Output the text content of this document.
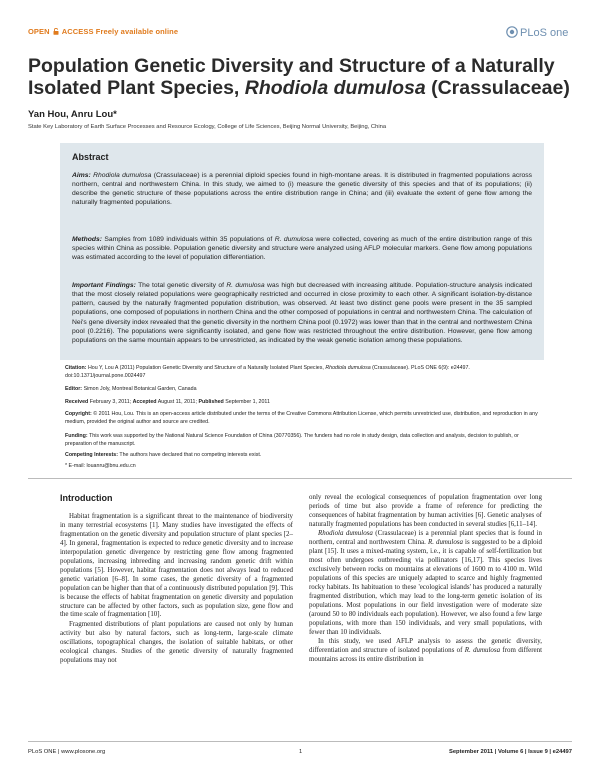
OPEN ACCESS Freely available online	PLoS one
Population Genetic Diversity and Structure of a Naturally
Isolated Plant Species, Rhodiola dumulosa (Crassulaceae)
Yan Hou, Anru Lou*
State Key Laboratory of Earth Surface Processes and Resource Ecology, College of Life Sciences, Beijing Normal University, Beijing, China
Abstract

Aims: Rhodiola dumulosa (Crassulaceae) is a perennial diploid species found in high-montane areas. It is distributed in fragmented populations across northern, central and northwestern China. In this study, we aimed to (i) measure the genetic diversity of this species and that of its populations; (ii) describe the genetic structure of these populations across the entire distribution range in China; and (iii) evaluate the extent of gene flow among the naturally fragmented populations.

Methods: Samples from 1089 individuals within 35 populations of R. dumulosa were collected, covering as much of the entire distribution range of this species within China as possible. Population genetic diversity and structure were analyzed using AFLP molecular markers. Gene flow among populations was estimated according to the level of population differentiation.

Important Findings: The total genetic diversity of R. dumulosa was high but decreased with increasing altitude. Population-structure analysis indicated that the most closely related populations were geographically restricted and occurred in close proximity to each other. A significant isolation-by-distance pattern, caused by the naturally fragmented population distribution, was observed. At least two distinct gene pools were present in the 35 sampled populations, one composed of populations in northern China and the other composed of populations in central and northwestern China. The calculation of Nei's gene diversity index revealed that the genetic diversity in the northern China pool (0.1972) was lower than that in the central and northwestern China pool (0.2216). The populations were significantly isolated, and gene flow was restricted throughout the entire distribution. However, gene flow among populations on the same mountain appears to be unrestricted, as indicated by the weak genetic isolation among these populations.

Citation: Hou Y, Lou A (2011) Population Genetic Diversity and Structure of a Naturally Isolated Plant Species, Rhodiola dumulosa (Crassulaceae). PLoS ONE 6(9): e24497. doi:10.1371/journal.pone.0024497

Editor: Simon Joly, Montreal Botanical Garden, Canada

Received February 3, 2011; Accepted August 11, 2011; Published September 1, 2011

Copyright: © 2011 Hou, Lou. This is an open-access article distributed under the terms of the Creative Commons Attribution License, which permits unrestricted use, distribution, and reproduction in any medium, provided the original author and source are credited.

Funding: This work was supported by the National Natural Science Foundation of China (30770356). The funders had no role in study design, data collection and analysis, decision to publish, or preparation of the manuscript.

Competing Interests: The authors have declared that no competing interests exist.

* E-mail: louanru@bnu.edu.cn

Introduction

Habitat fragmentation is a significant threat to the maintenance of biodiversity in many terrestrial ecosystems [1]. Many studies have investigated the effects of fragmentation on the genetic diversity and population structure of plant species [2–4]. In general, fragmentation is expected to reduce genetic diversity and to increase interpopulation genetic divergence by restricting gene flow among fragmented populations, increasing inbreeding and increasing random genetic drift within populations [5]. However, habitat fragmentation does not always lead to reduced genetic variation [6–8]. In some cases, the genetic diversity of a fragmented population can be higher than that of a continuously distributed population [9]. This is because the effects of habitat fragmentation on genetic diversity and population structure can be affected by other factors, such as population size, gene flow and the time scale of fragmentation [10].

Fragmented distributions of plant populations are caused not only by human activity but also by natural factors, such as long-term, large-scale climate oscillations, topographical changes, the isolation of suitable habitats, or other ecological changes. Studies of the genetic diversity of naturally fragmented populations may not

only reveal the ecological consequences of population fragmentation over long periods of time but also provide a frame of reference for predicting the consequences of habitat fragmentation by human activities [6]. Genetic analyses of naturally fragmented populations has been conducted in several studies [6,11–14].

Rhodiola dumulosa (Crassulaceae) is a perennial plant species that is found in northern, central and northwestern China. R. dumulosa is suggested to be a diploid plant [15]. It uses a mixed-mating system, i.e., it is capable of self-fertilization but most often undergoes outbreeding via pollinators [16,17]. This species lives exclusively between rocks on mountains at elevations of 1600 m to 4100 m. Wild populations of this species are uniquely adapted to scarce and highly fragmented rocky habitats. Its habituation to these 'ecological islands' has produced a naturally fragmented distribution, which may lead to the long-term genetic isolation of its populations. Most populations in our field investigation were of moderate size (around 50 to 80 individuals each population). However, we also found a few large populations, with more than 150 individuals, and very small populations, with fewer than 10 individuals.

In this study, we used AFLP analysis to assess the genetic diversity, differentiation and structure of isolated populations of R. dumulosa from different mountains across its entire distribution in

PLoS ONE | www.plosone.org	1	September 2011 | Volume 6 | Issue 9 | e24497
